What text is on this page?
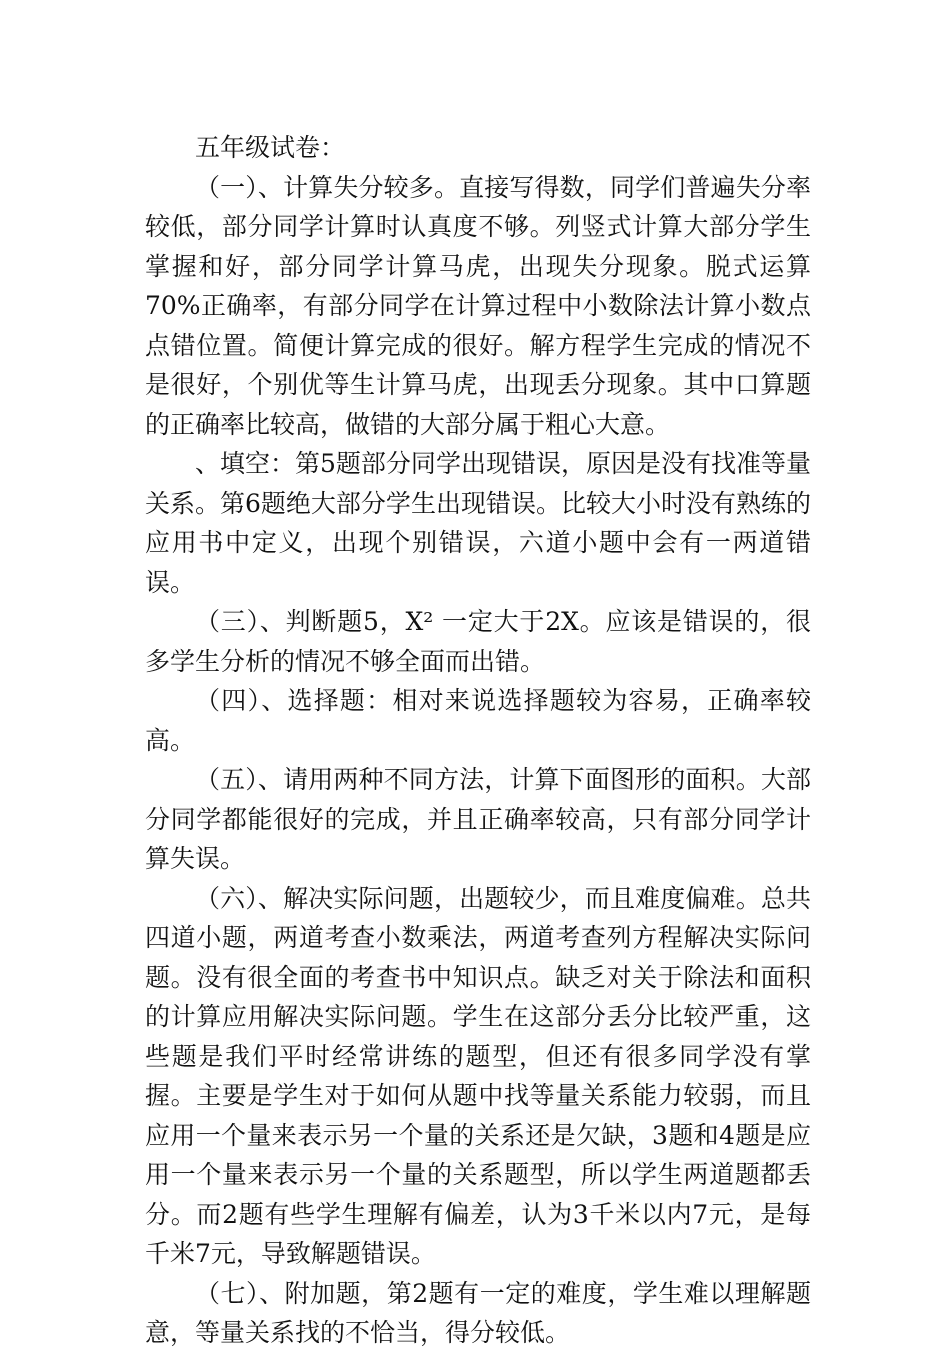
五年级试卷：

（一）、计算失分较多。直接写得数，同学们普遍失分率较低，部分同学计算时认真度不够。列竖式计算大部分学生掌握和好，部分同学计算马虎，出现失分现象。脱式运算70%正确率，有部分同学在计算过程中小数除法计算小数点点错位置。简便计算完成的很好。解方程学生完成的情况不是很好，个别优等生计算马虎，出现丢分现象。其中口算题的正确率比较高，做错的大部分属于粗心大意。

、填空：第5题部分同学出现错误，原因是没有找准等量关系。第6题绝大部分学生出现错误。比较大小时没有熟练的应用书中定义，出现个别错误，六道小题中会有一两道错误。

（三）、判断题5，X² 一定大于2X。应该是错误的，很多学生分析的情况不够全面而出错。

（四）、选择题：相对来说选择题较为容易，正确率较高。

（五）、请用两种不同方法，计算下面图形的面积。大部分同学都能很好的完成，并且正确率较高，只有部分同学计算失误。

（六）、解决实际问题，出题较少，而且难度偏难。总共四道小题，两道考查小数乘法，两道考查列方程解决实际问题。没有很全面的考查书中知识点。缺乏对关于除法和面积的计算应用解决实际问题。学生在这部分丢分比较严重，这些题是我们平时经常讲练的题型，但还有很多同学没有掌握。主要是学生对于如何从题中找等量关系能力较弱，而且应用一个量来表示另一个量的关系还是欠缺，3题和4题是应用一个量来表示另一个量的关系题型，所以学生两道题都丢分。而2题有些学生理解有偏差，认为3千米以内7元，是每千米7元，导致解题错误。

（七）、附加题，第2题有一定的难度，学生难以理解题意，等量关系找的不恰当，得分较低。
